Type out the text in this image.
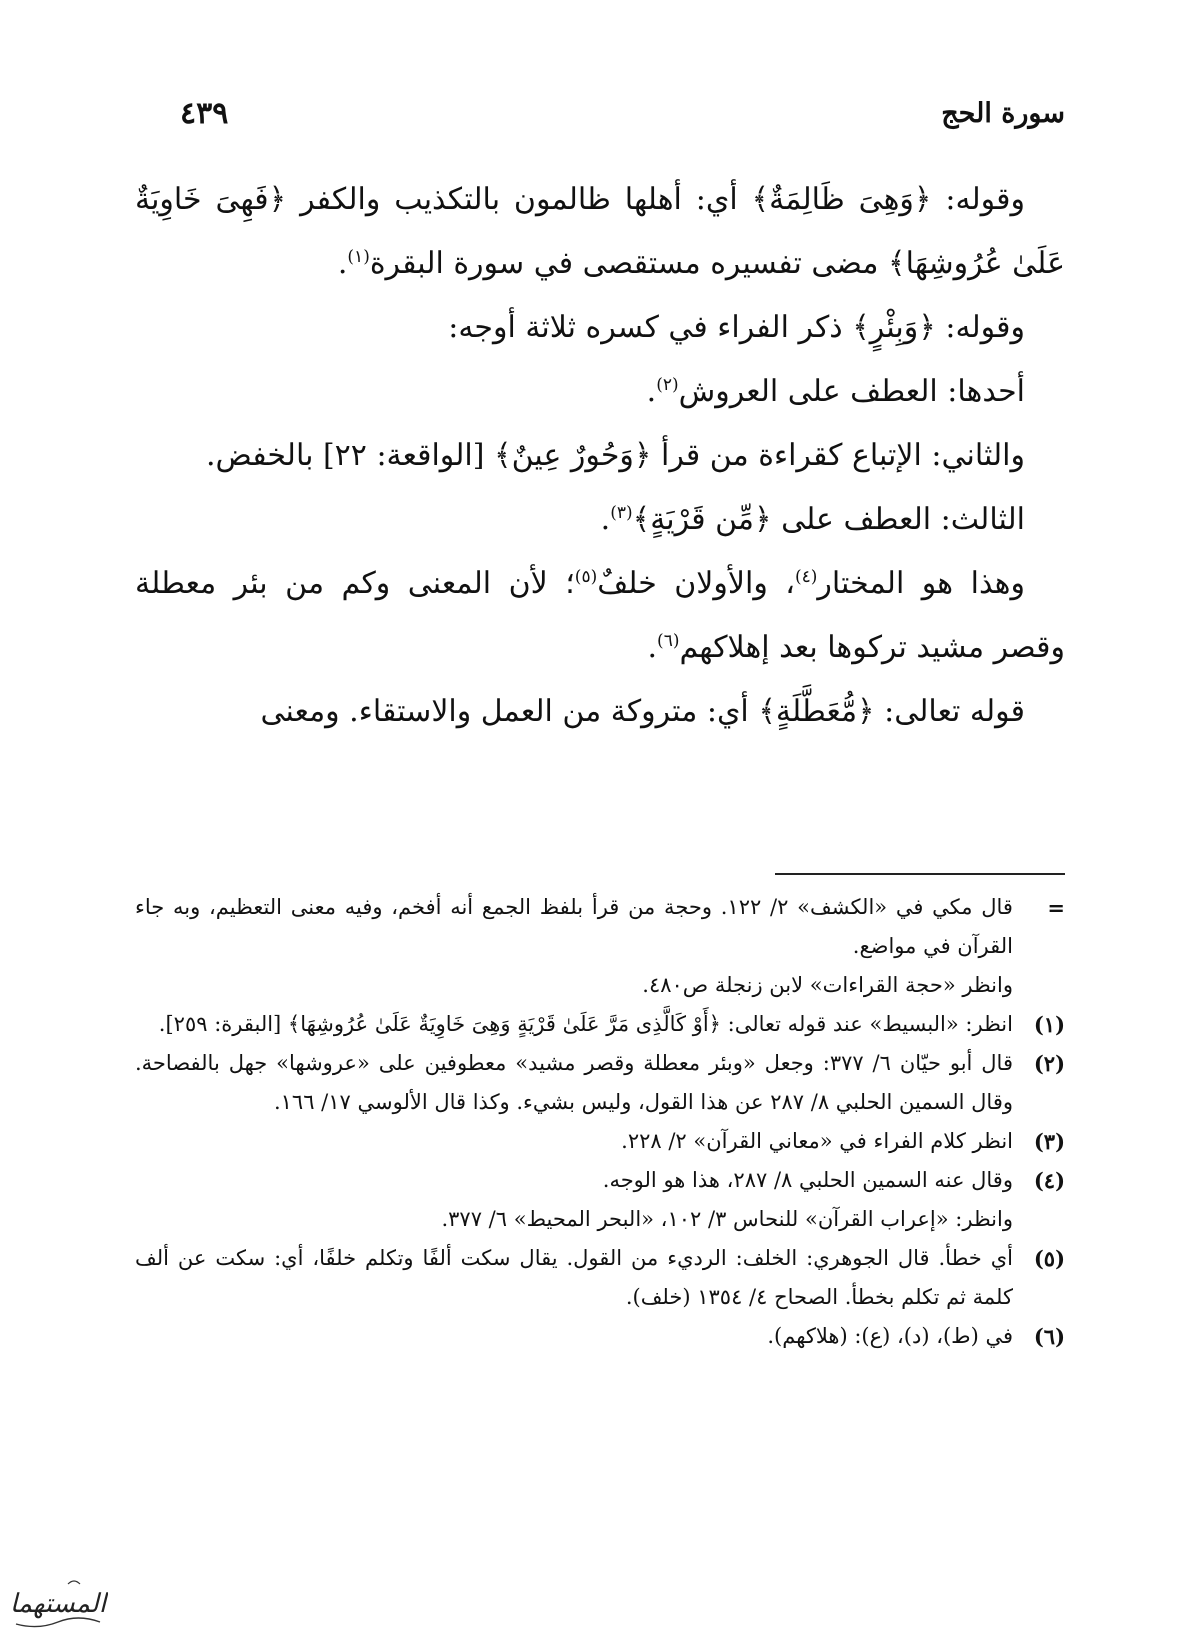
سورة الحج
٤٣٩

وقوله: ﴿وَهِىَ ظَالِمَةٌ﴾ أي: أهلها ظالمون بالتكذيب والكفر ﴿فَهِىَ خَاوِيَةٌ عَلَىٰ عُرُوشِهَا﴾ مضى تفسيره مستقصى في سورة البقرة$^{(١)}$.

وقوله: ﴿وَبِئْرٍ﴾ ذكر الفراء في كسره ثلاثة أوجه:

أحدها: العطف على العروش$^{(٢)}$.

والثاني: الإتباع كقراءة من قرأ ﴿وَحُورٌ عِينٌ﴾ [الواقعة: ٢٢] بالخفض.

الثالث: العطف على ﴿مِّن قَرْيَةٍ﴾$^{(٣)}$.

وهذا هو المختار$^{(٤)}$، والأولان خلفٌ$^{(٥)}$؛ لأن المعنى وكم من بئر معطلة وقصر مشيد تركوها بعد إهلاكهم$^{(٦)}$.

قوله تعالى: ﴿مُّعَطَّلَةٍ﴾ أي: متروكة من العمل والاستقاء. ومعنى

=

قال مكي في «الكشف» ٢/ ١٢٢. وحجة من قرأ بلفظ الجمع أنه أفخم، وفيه معنى التعظيم، وبه جاء القرآن في مواضع.

وانظر «حجة القراءات» لابن زنجلة ص٤٨٠.

(١)

انظر: «البسيط» عند قوله تعالى: ﴿أَوْ كَالَّذِى مَرَّ عَلَىٰ قَرْيَةٍ وَهِىَ خَاوِيَةٌ عَلَىٰ عُرُوشِهَا﴾ [البقرة: ٢٥٩].

(٢)

قال أبو حيّان ٦/ ٣٧٧: وجعل «وبئر معطلة وقصر مشيد» معطوفين على «عروشها» جهل بالفصاحة. وقال السمين الحلبي ٨/ ٢٨٧ عن هذا القول، وليس بشيء. وكذا قال الألوسي ١٧/ ١٦٦.

(٣)

انظر كلام الفراء في «معاني القرآن» ٢/ ٢٢٨.

(٤)

وقال عنه السمين الحلبي ٨/ ٢٨٧، هذا هو الوجه.

وانظر: «إعراب القرآن» للنحاس ٣/ ١٠٢، «البحر المحيط» ٦/ ٣٧٧.

(٥)

أي خطأ. قال الجوهري: الخلف: الرديء من القول. يقال سكت ألفًا وتكلم خلفًا، أي: سكت عن ألف كلمة ثم تكلم بخطأ. الصحاح ٤/ ١٣٥٤ (خلف).

(٦)

في (ط)، (د)، (ع): (هلاكهم).

المستهما
